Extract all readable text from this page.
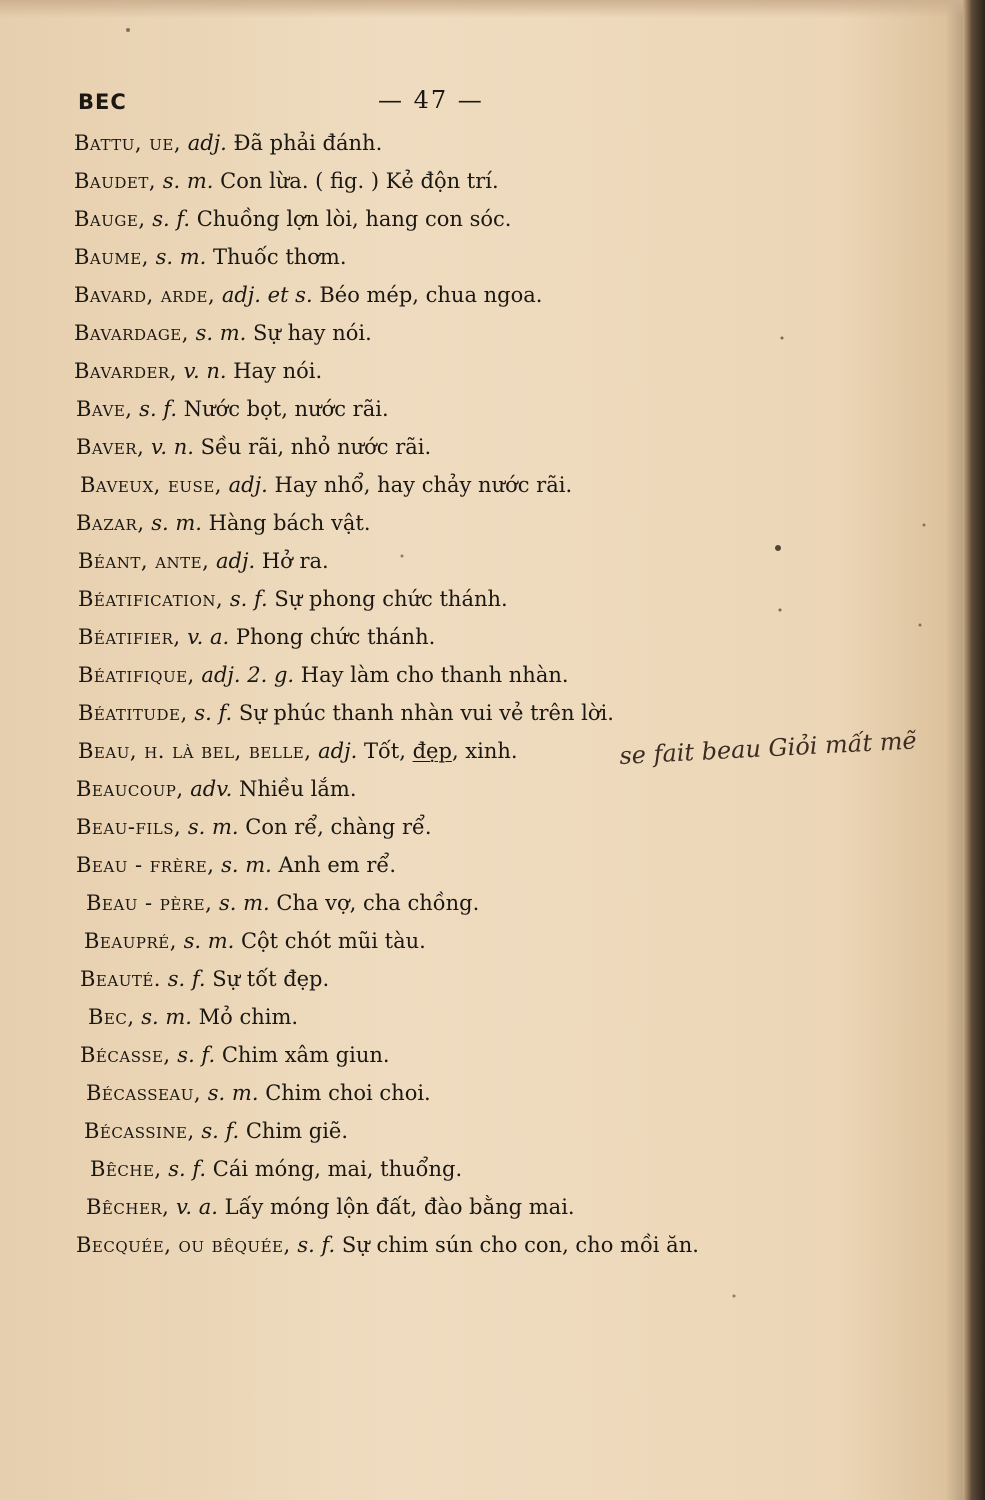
BEC	— 47 —
Battu, ue, adj. Đã phải đánh.
Baudet, s. m. Con lừa. ( fig. ) Kẻ độn trí.
Bauge, s. f. Chuồng lợn lòi, hang con sóc.
Baume, s. m. Thuốc thơm.
Bavard, arde, adj. et s. Béo mép, chua ngoa.
Bavardage, s. m. Sự hay nói.
Bavarder, v. n. Hay nói.
Bave, s. f. Nước bọt, nước rãi.
Baver, v. n. Sều rãi, nhỏ nước rãi.
Baveux, euse, adj. Hay nhổ, hay chảy nước rãi.
Bazar, s. m. Hàng bách vật.
Béant, ante, adj. Hở ra.
Béatification, s. f. Sự phong chức thánh.
Béatifier, v. a. Phong chức thánh.
Béatifique, adj. 2. g. Hay làm cho thanh nhàn.
Béatitude, s. f. Sự phúc thanh nhàn vui vẻ trên lời.
Beau, h. là bel, belle, adj. Tốt, đẹp, xinh.
Beaucoup, adv. Nhiều lắm.
Beau-fils, s. m. Con rể, chàng rể.
Beau - frère, s. m. Anh em rể.
Beau - père, s. m. Cha vợ, cha chồng.
Beaupré, s. m. Cột chót mũi tàu.
Beauté. s. f. Sự tốt đẹp.
Bec, s. m. Mỏ chim.
Bécasse, s. f. Chim xâm giun.
Bécasseau, s. m. Chim choi choi.
Bécassine, s. f. Chim giẽ.
Bêche, s. f. Cái móng, mai, thuổng.
Bêcher, v. a. Lấy móng lộn đất, đào bằng mai.
Becquée, ou bêquée, s. f. Sự chim sún cho con, cho mồi ăn.
se fait beau Giỏi mất mẽ
